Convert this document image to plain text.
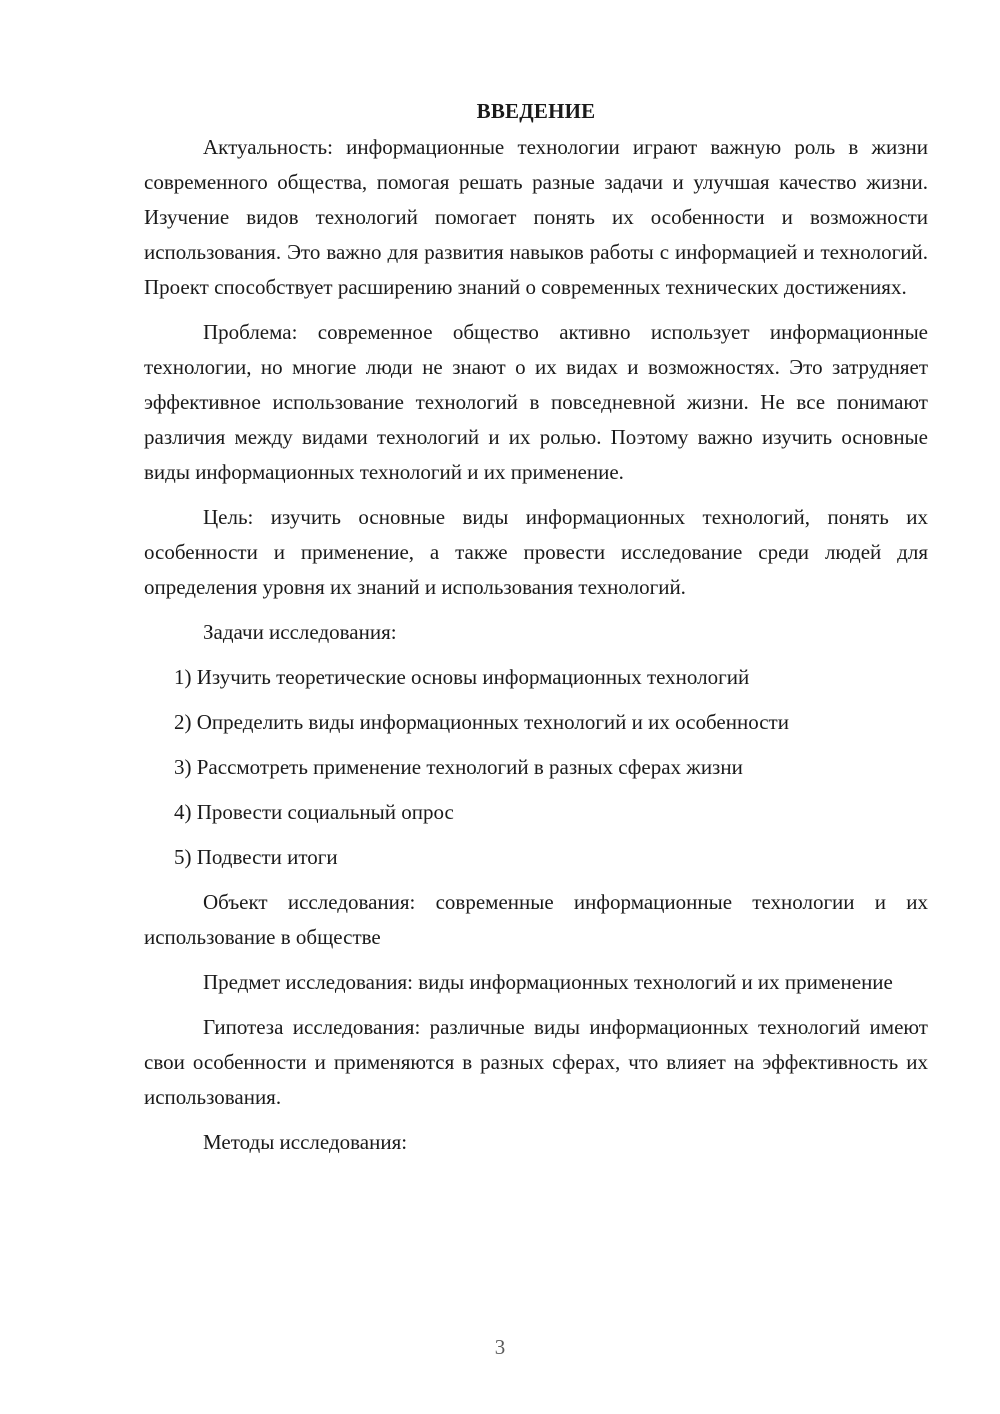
ВВЕДЕНИЕ

Актуальность: информационные технологии играют важную роль в жизни современного общества, помогая решать разные задачи и улучшая качество жизни. Изучение видов технологий помогает понять их особенности и возможности использования. Это важно для развития навыков работы с информацией и технологий. Проект способствует расширению знаний о современных технических достижениях.

Проблема: современное общество активно использует информационные технологии, но многие люди не знают о их видах и возможностях. Это затрудняет эффективное использование технологий в повседневной жизни. Не все понимают различия между видами технологий и их ролью. Поэтому важно изучить основные виды информационных технологий и их применение.

Цель: изучить основные виды информационных технологий, понять их особенности и применение, а также провести исследование среди людей для определения уровня их знаний и использования технологий.

Задачи исследования:

1) Изучить теоретические основы информационных технологий
2) Определить виды информационных технологий и их особенности
3) Рассмотреть применение технологий в разных сферах жизни
4) Провести социальный опрос
5) Подвести итоги

Объект исследования: современные информационные технологии и их использование в обществе

Предмет исследования: виды информационных технологий и их применение

Гипотеза исследования: различные виды информационных технологий имеют свои особенности и применяются в разных сферах, что влияет на эффективность их использования.

Методы исследования:

3
